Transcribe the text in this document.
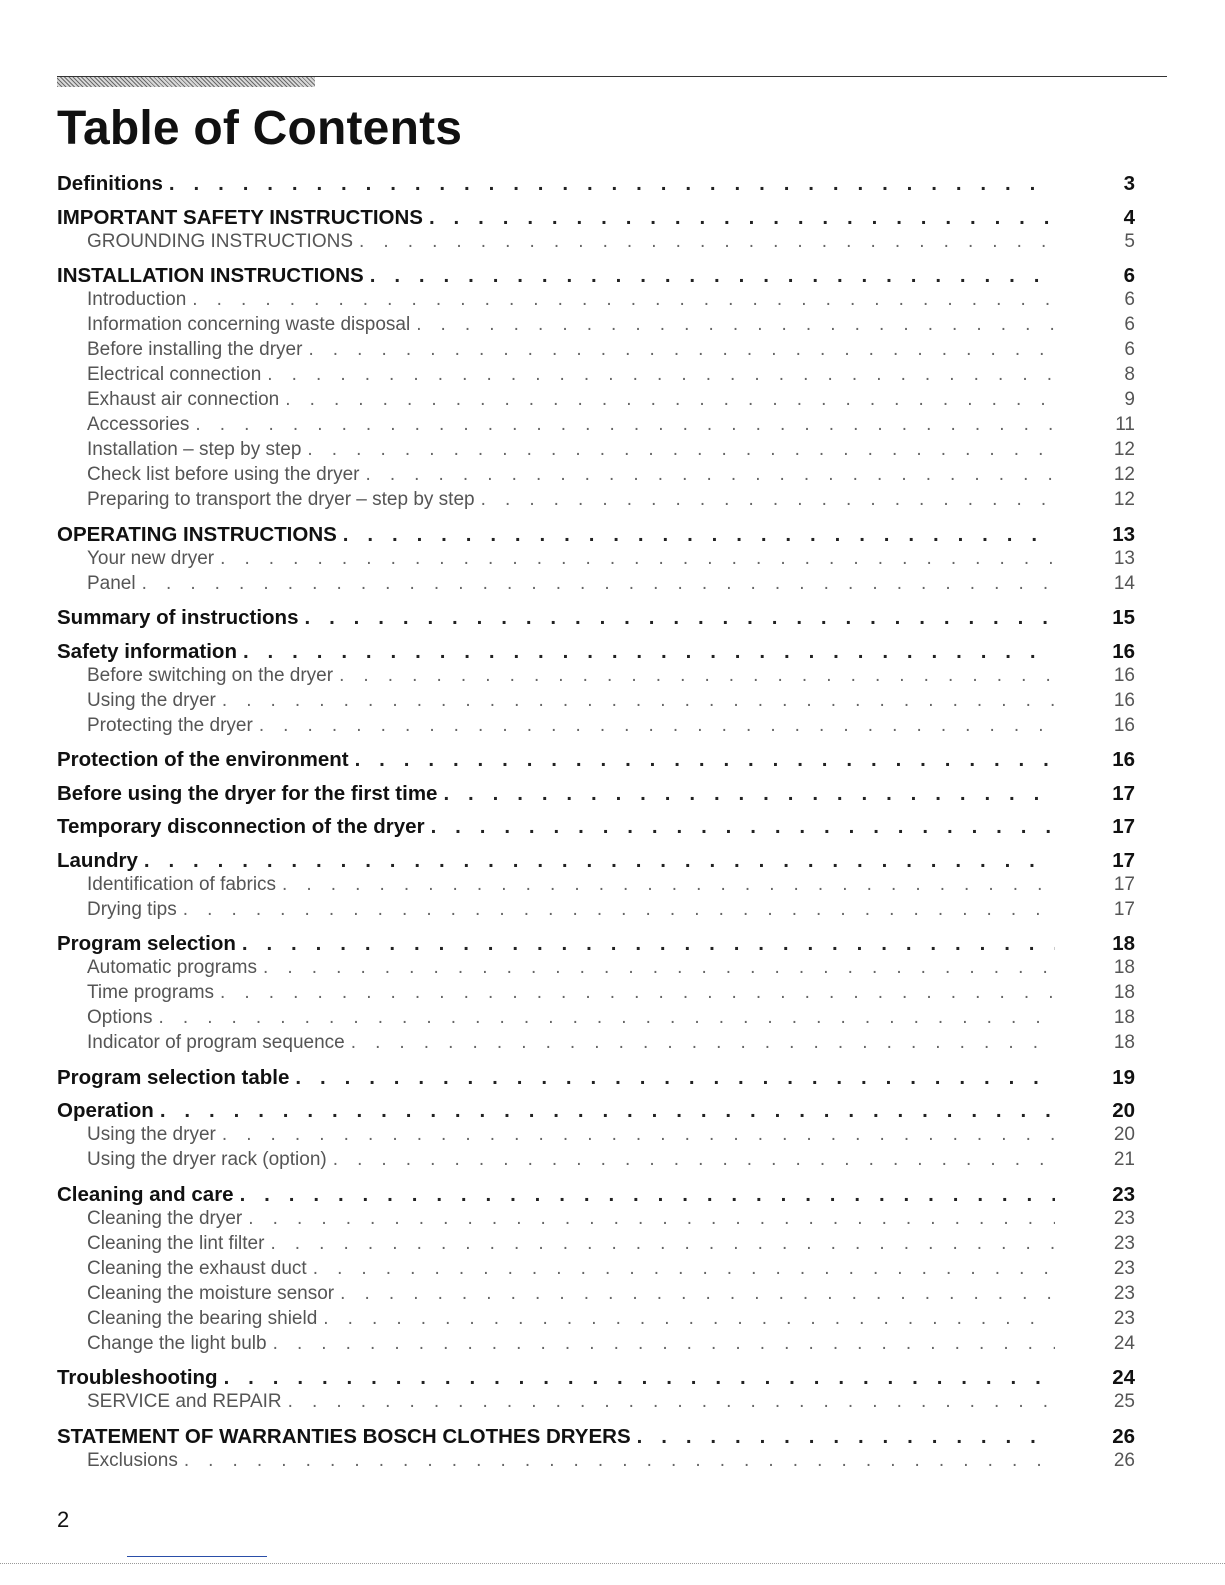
Table of Contents
Definitions . . .	3
IMPORTANT SAFETY INSTRUCTIONS . . .	4
GROUNDING INSTRUCTIONS . . .	5
INSTALLATION INSTRUCTIONS . . .	6
Introduction . . .	6
Information concerning waste disposal . . .	6
Before installing the dryer . . .	6
Electrical connection . . .	8
Exhaust air connection . . .	9
Accessories . . .	11
Installation – step by step . . .	12
Check list before using the dryer . . .	12
Preparing to transport the dryer – step by step . . .	12
OPERATING INSTRUCTIONS . . .	13
Your new dryer . . .	13
Panel . . .	14
Summary of instructions . . .	15
Safety information . . .	16
Before switching on the dryer . . .	16
Using the dryer . . .	16
Protecting the dryer . . .	16
Protection of the environment . . .	16
Before using the dryer for the first time . . .	17
Temporary disconnection of the dryer . . .	17
Laundry . . .	17
Identification of fabrics . . .	17
Drying tips . . .	17
Program selection . . .	18
Automatic programs . . .	18
Time programs . . .	18
Options . . .	18
Indicator of program sequence . . .	18
Program selection table . . .	19
Operation . . .	20
Using the dryer . . .	20
Using the dryer rack (option) . . .	21
Cleaning and care . . .	23
Cleaning the dryer . . .	23
Cleaning the lint filter . . .	23
Cleaning the exhaust duct . . .	23
Cleaning the moisture sensor . . .	23
Cleaning the bearing shield . . .	23
Change the light bulb . . .	24
Troubleshooting . . .	24
SERVICE and REPAIR . . .	25
STATEMENT OF WARRANTIES BOSCH CLOTHES DRYERS . . .	26
Exclusions . . .	26
2
